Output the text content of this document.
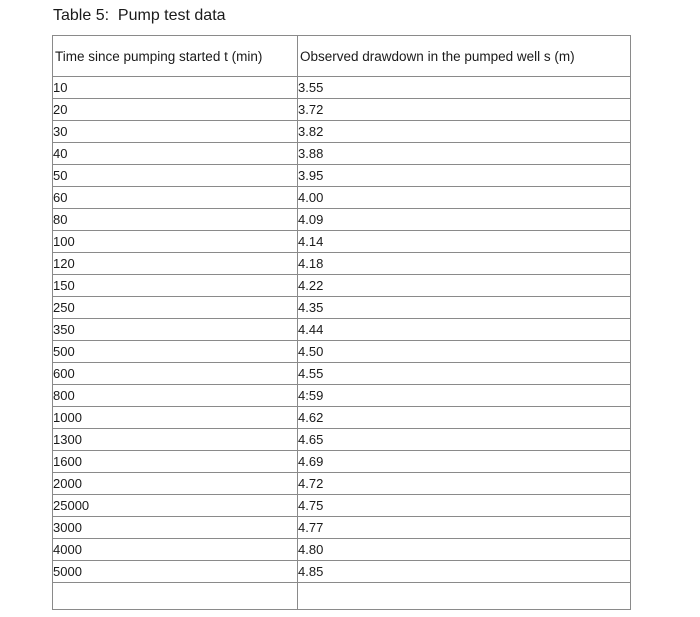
Table 5:  Pump test data
Time since pumping started t (min)	Observed drawdown in the pumped well s (m)
10	3.55
20	3.72
30	3.82
40	3.88
50	3.95
60	4.00
80	4.09
100	4.14
120	4.18
150	4.22
250	4.35
350	4.44
500	4.50
600	4.55
800	4:59
1000	4.62
1300	4.65
1600	4.69
2000	4.72
25000	4.75
3000	4.77
4000	4.80
5000	4.85
